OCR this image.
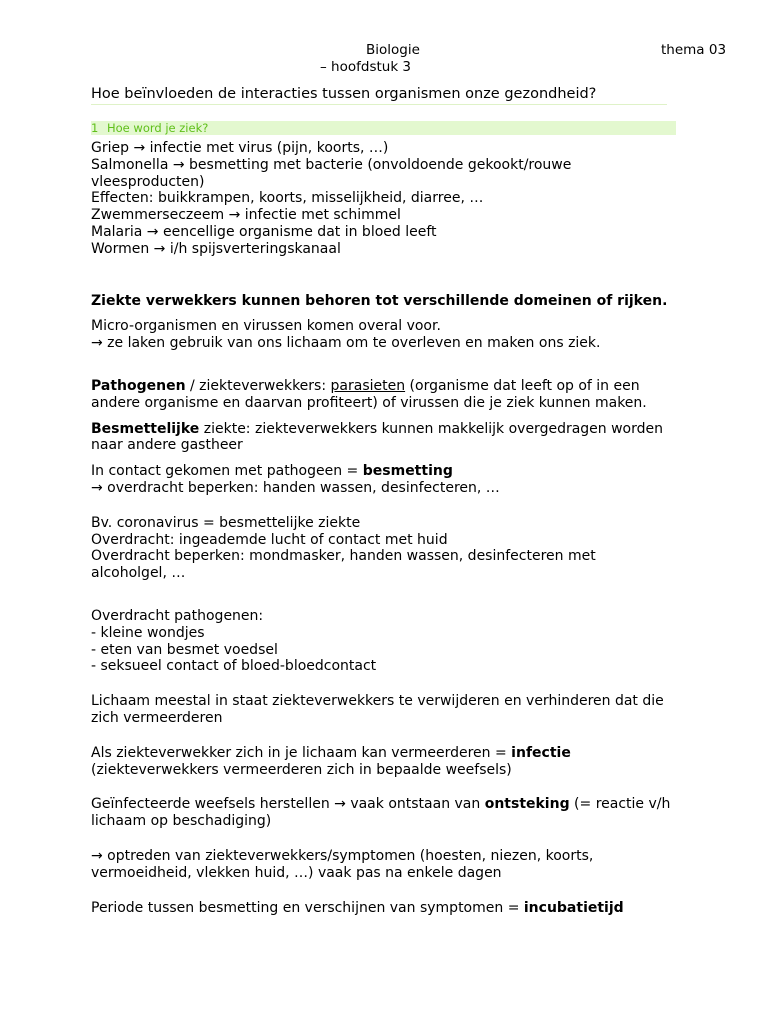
Biologie	thema 03
– hoofdstuk 3
Hoe beïnvloeden de interacties tussen organismen onze gezondheid?
1 Hoe word je ziek?

Griep → infectie met virus (pijn, koorts, …)

Salmonella → besmetting met bacterie (onvoldoende gekookt/rouwe

vleesproducten)

Effecten: buikkrampen, koorts, misselijkheid, diarree, …

Zwemmerseczeem → infectie met schimmel

Malaria → eencellige organisme dat in bloed leeft

Wormen → i/h spijsverteringskanaal

Ziekte verwekkers kunnen behoren tot verschillende domeinen of rijken.

Micro-organismen en virussen komen overal voor.

→ ze laken gebruik van ons lichaam om te overleven en maken ons ziek.

Pathogenen / ziekteverwekkers: parasieten (organisme dat leeft op of in een andere organisme en daarvan profiteert) of virussen die je ziek kunnen maken.

Besmettelijke ziekte: ziekteverwekkers kunnen makkelijk overgedragen worden naar andere gastheer

In contact gekomen met pathogeen = besmetting

→ overdracht beperken: handen wassen, desinfecteren, …

Bv. coronavirus = besmettelijke ziekte

Overdracht: ingeademde lucht of contact met huid

Overdracht beperken: mondmasker, handen wassen, desinfecteren met

alcoholgel, …

Overdracht pathogenen:

- kleine wondjes

- eten van besmet voedsel

- seksueel contact of bloed-bloedcontact

Lichaam meestal in staat ziekteverwekkers te verwijderen en verhinderen dat die zich vermeerderen

Als ziekteverwekker zich in je lichaam kan vermeerderen = infectie

(ziekteverwekkers vermeerderen zich in bepaalde weefsels)

Geïnfecteerde weefsels herstellen → vaak ontstaan van ontsteking (= reactie v/h lichaam op beschadiging)

→ optreden van ziekteverwekkers/symptomen (hoesten, niezen, koorts, vermoeidheid, vlekken huid, …) vaak pas na enkele dagen

Periode tussen besmetting en verschijnen van symptomen = incubatietijd
